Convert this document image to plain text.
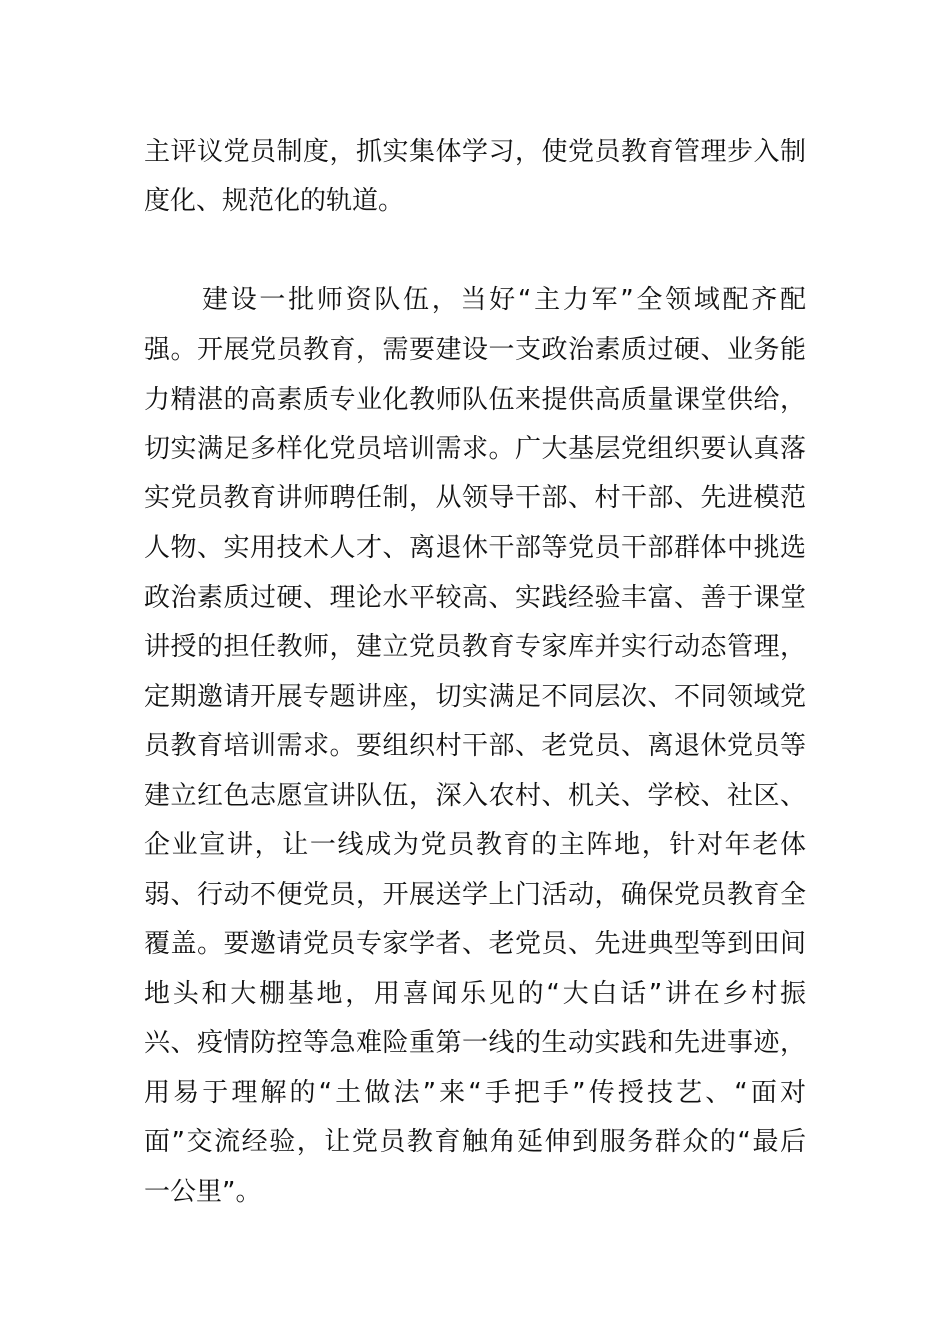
主评议党员制度，抓实集体学习，使党员教育管理步入制
度化、规范化的轨道。
建设一批师资队伍，当好“主力军”全领域配齐配
强。开展党员教育，需要建设一支政治素质过硬、业务能
力精湛的高素质专业化教师队伍来提供高质量课堂供给，
切实满足多样化党员培训需求。广大基层党组织要认真落
实党员教育讲师聘任制，从领导干部、村干部、先进模范
人物、实用技术人才、离退休干部等党员干部群体中挑选
政治素质过硬、理论水平较高、实践经验丰富、善于课堂
讲授的担任教师，建立党员教育专家库并实行动态管理，
定期邀请开展专题讲座，切实满足不同层次、不同领域党
员教育培训需求。要组织村干部、老党员、离退休党员等
建立红色志愿宣讲队伍，深入农村、机关、学校、社区、
企业宣讲，让一线成为党员教育的主阵地，针对年老体
弱、行动不便党员，开展送学上门活动，确保党员教育全
覆盖。要邀请党员专家学者、老党员、先进典型等到田间
地头和大棚基地，用喜闻乐见的“大白话”讲在乡村振
兴、疫情防控等急难险重第一线的生动实践和先进事迹，
用易于理解的“土做法”来“手把手”传授技艺、“面对
面”交流经验，让党员教育触角延伸到服务群众的“最后
一公里”。
